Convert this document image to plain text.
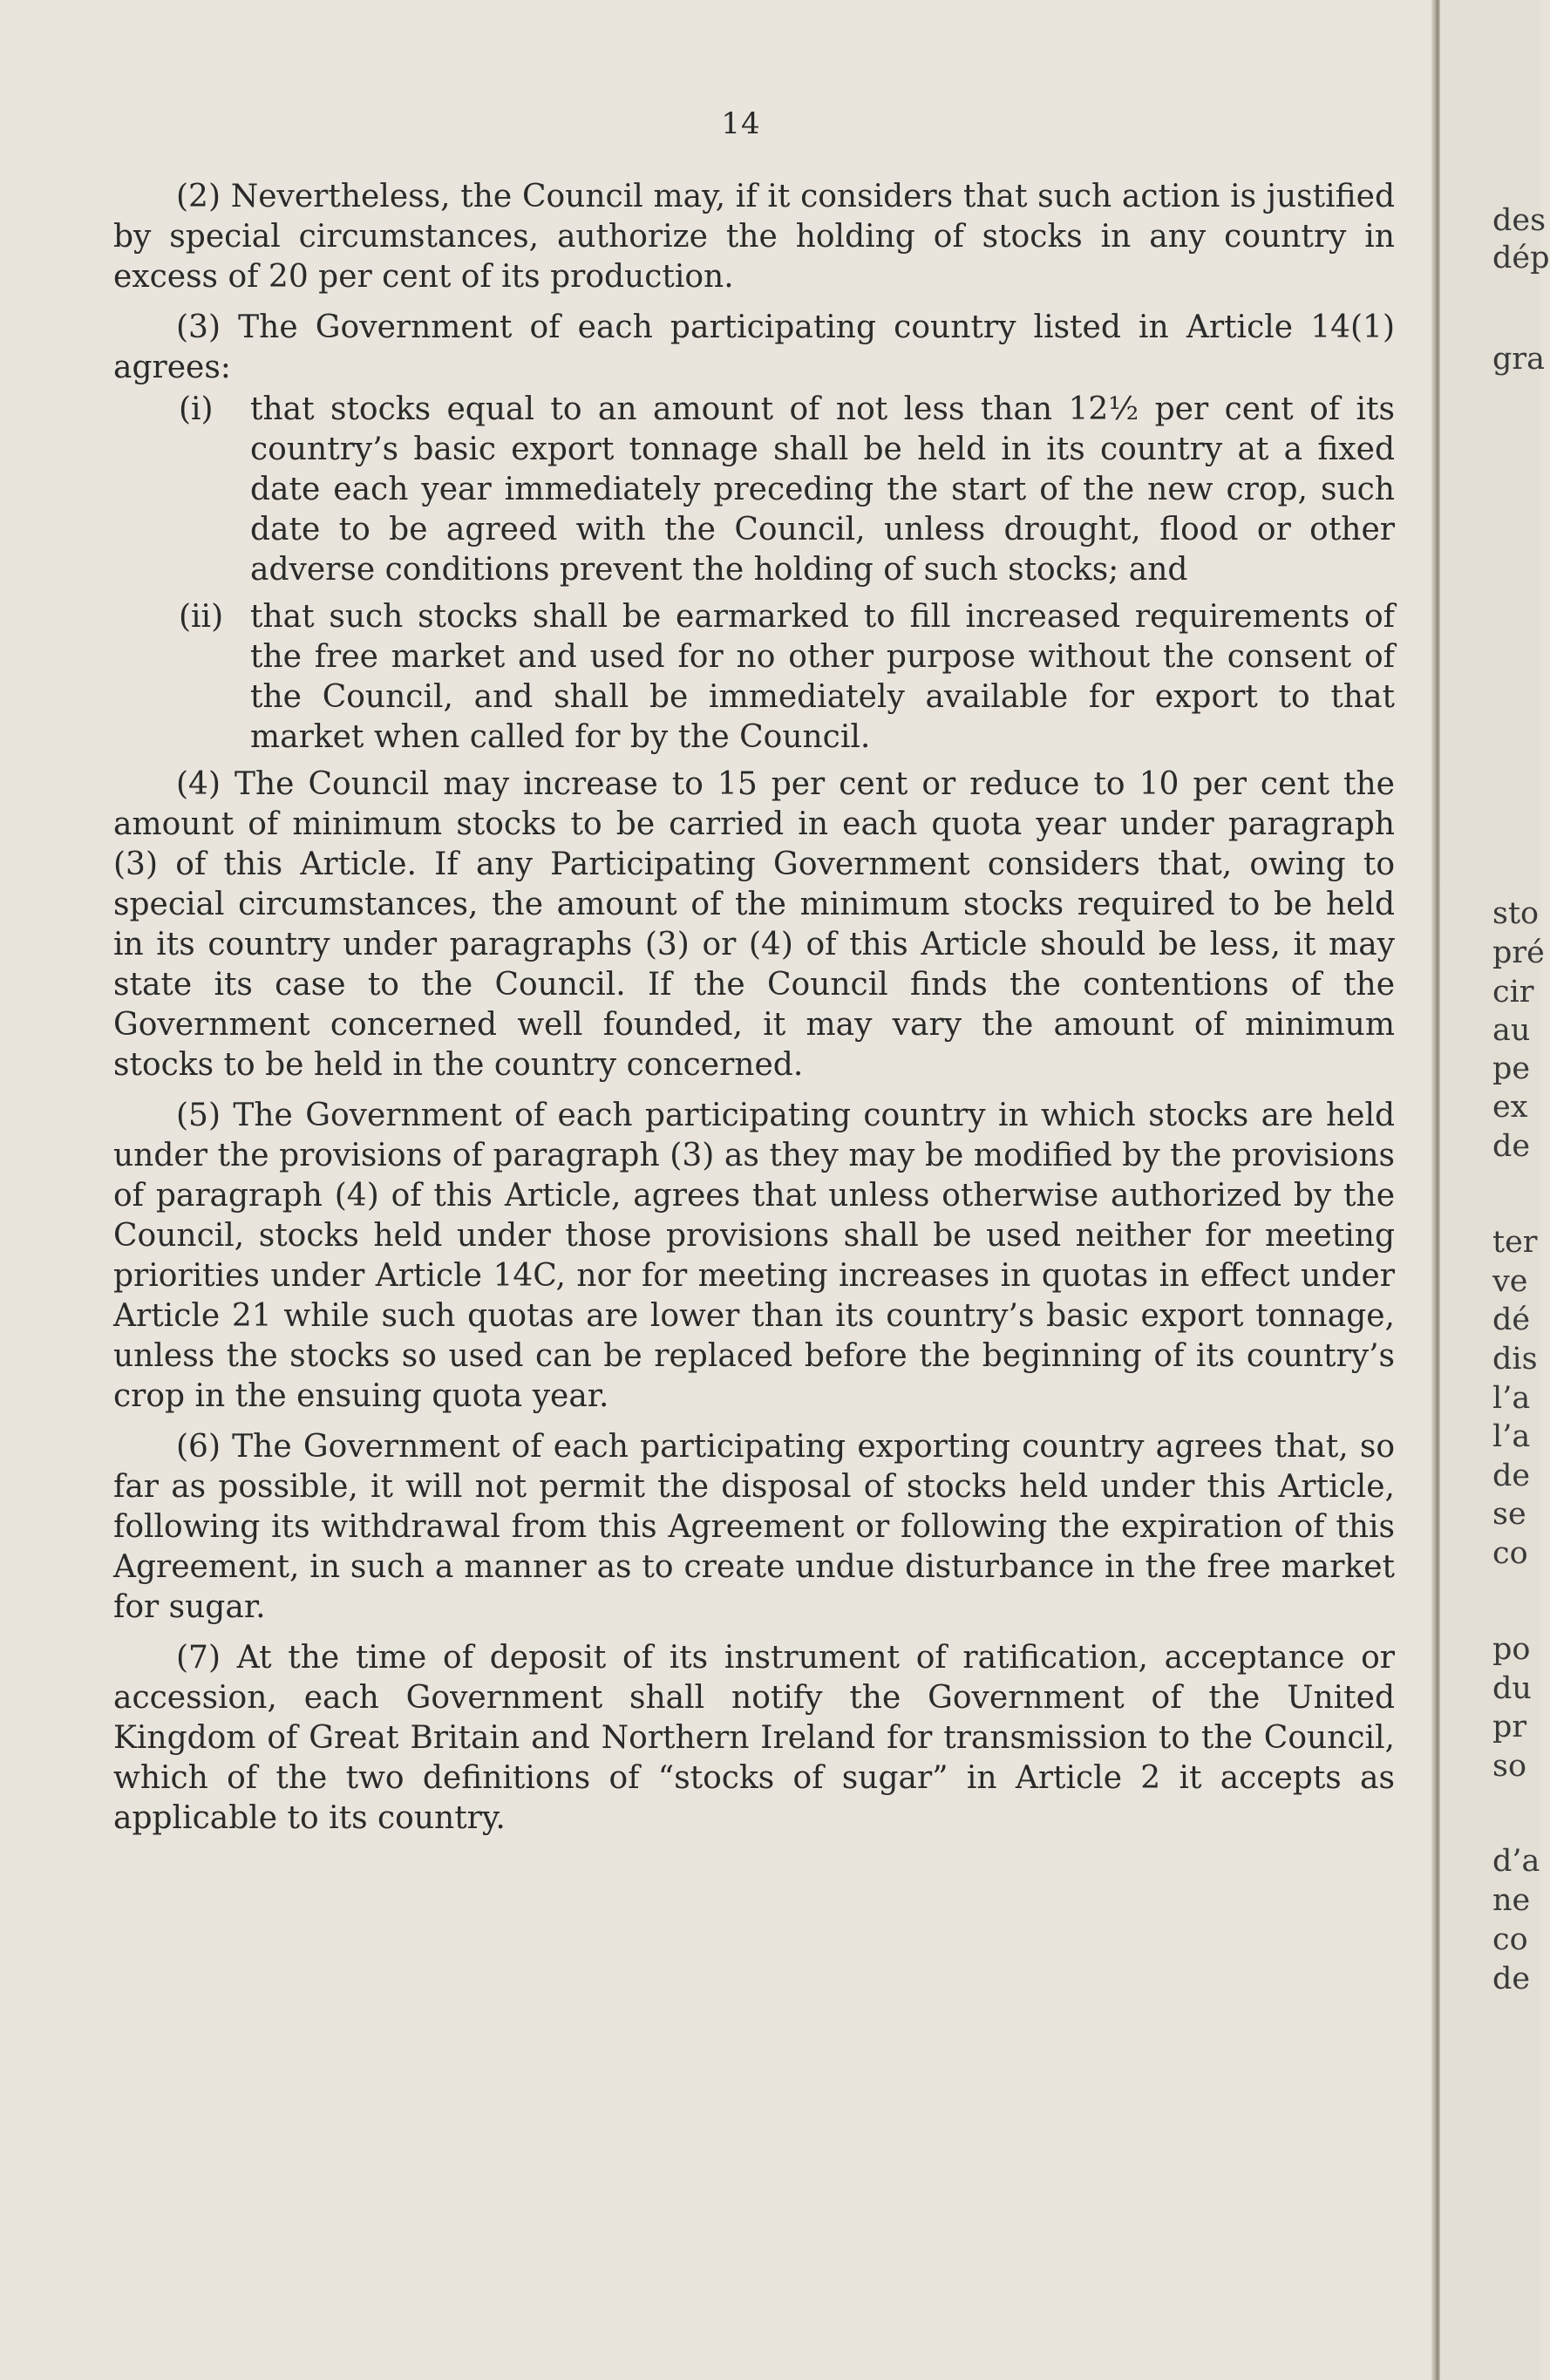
14

(2) Nevertheless, the Council may, if it considers that such action is justified by special circumstances, authorize the holding of stocks in any country in excess of 20 per cent of its production.

(3) The Government of each participating country listed in Article 14(1) agrees:

(i)	that stocks equal to an amount of not less than 12½ per cent of its country’s basic export tonnage shall be held in its country at a fixed date each year immediately preceding the start of the new crop, such date to be agreed with the Council, unless drought, flood or other adverse conditions prevent the holding of such stocks; and
(ii) that such stocks shall be earmarked to fill increased requirements of the free market and used for no other purpose without the consent of the Council, and shall be immediately available for export to that market when called for by the Council.

(4) The Council may increase to 15 per cent or reduce to 10 per cent the amount of minimum stocks to be carried in each quota year under paragraph (3) of this Article. If any Participating Government considers that, owing to special circumstances, the amount of the minimum stocks required to be held in its country under paragraphs (3) or (4) of this Article should be less, it may state its case to the Council. If the Council finds the contentions of the Government concerned well founded, it may vary the amount of minimum stocks to be held in the country concerned.

(5) The Government of each participating country in which stocks are held under the provisions of paragraph (3) as they may be modified by the provisions of paragraph (4) of this Article, agrees that unless otherwise authorized by the Council, stocks held under those provisions shall be used neither for meeting priorities under Article 14C, nor for meeting increases in quotas in effect under Article 21 while such quotas are lower than its country’s basic export tonnage, unless the stocks so used can be replaced before the beginning of its country’s crop in the ensuing quota year.

(6) The Government of each participating exporting country agrees that, so far as possible, it will not permit the disposal of stocks held under this Article, following its withdrawal from this Agreement or following the expiration of this Agreement, in such a manner as to create undue disturbance in the free market for sugar.

(7) At the time of deposit of its instrument of ratification, acceptance or accession, each Government shall notify the Government of the United Kingdom of Great Britain and Northern Ireland for transmission to the Council, which of the two definitions of “stocks of sugar” in Article 2 it accepts as applicable to its country.

des
dép
gra
sto
pré
cir
au
pe
ex
de
ter
ve
dé
dis
l’a
l’a
de
se
co
po
du
pr
so
d’a
ne
co
de
